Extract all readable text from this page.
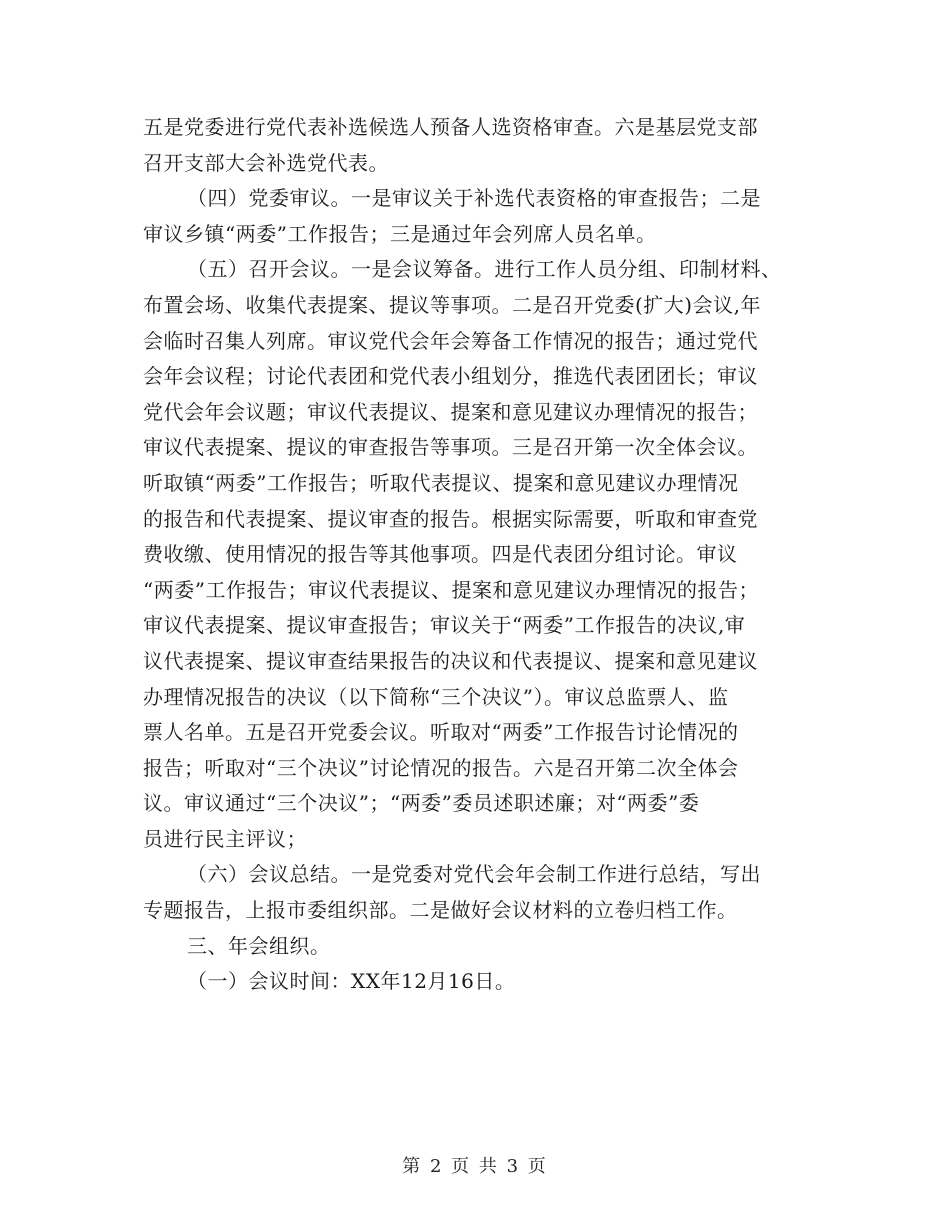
五是党委进行党代表补选候选人预备人选资格审查。六是基层党支部
召开支部大会补选党代表。
（四）党委审议。一是审议关于补选代表资格的审查报告；二是
审议乡镇“两委”工作报告；三是通过年会列席人员名单。
（五）召开会议。一是会议筹备。进行工作人员分组、印制材料、
布置会场、收集代表提案、提议等事项。二是召开党委(扩大)会议,年
会临时召集人列席。审议党代会年会筹备工作情况的报告；通过党代
会年会议程；讨论代表团和党代表小组划分，推选代表团团长；审议
党代会年会议题；审议代表提议、提案和意见建议办理情况的报告；
审议代表提案、提议的审查报告等事项。三是召开第一次全体会议。
听取镇“两委”工作报告；听取代表提议、提案和意见建议办理情况
的报告和代表提案、提议审查的报告。根据实际需要，听取和审查党
费收缴、使用情况的报告等其他事项。四是代表团分组讨论。审议
“两委”工作报告；审议代表提议、提案和意见建议办理情况的报告；
审议代表提案、提议审查报告；审议关于“两委”工作报告的决议,审
议代表提案、提议审查结果报告的决议和代表提议、提案和意见建议
办理情况报告的决议（以下简称“三个决议”）。审议总监票人、监
票人名单。五是召开党委会议。听取对“两委”工作报告讨论情况的
报告；听取对“三个决议”讨论情况的报告。六是召开第二次全体会
议。审议通过“三个决议”；“两委”委员述职述廉；对“两委”委
员进行民主评议；
（六）会议总结。一是党委对党代会年会制工作进行总结，写出
专题报告，上报市委组织部。二是做好会议材料的立卷归档工作。
三、年会组织。
（一）会议时间：XX年12月16日。
第 2 页 共 3 页
